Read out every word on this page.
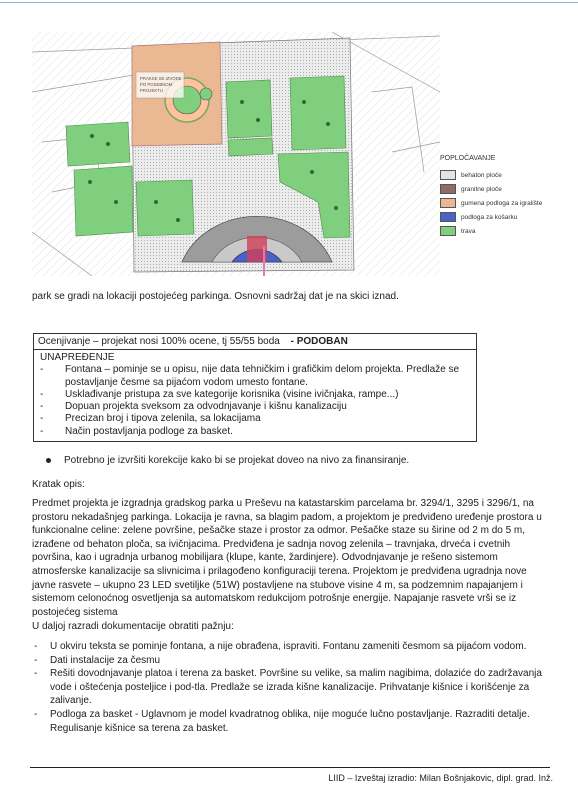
PRAKSE SE IZVODE
PO POSEBNOM
PROJEKTU
POPLOČAVANJE
behaton ploče
granitne ploče
gumena podloga za igralište
podloga za košarku
trava
park se gradi na lokaciji postojećeg parkinga. Osnovni sadržaj dat je na skici iznad.
Ocenjivanje – projekat nosi 100% ocene, tj 55/55 boda - PODOBAN
UNAPREĐENJE
- Fontana – pominje se u opisu, nije data tehničkim i grafičkim delom projekta. Predlaže se postavljanje česme sa pijaćom vodom umesto fontane.
- Usklađivanje pristupa za sve kategorije korisnika (visine ivičnjaka, rampe...)
- Dopuan projekta sveksom za odvodnjavanje i kišnu kanalizaciju
- Precizan broj i tipova zelenila, sa lokacijama
- Način postavljanja podloge za basket.
Potrebno je izvršiti korekcije kako bi se projekat doveo na nivo za finansiranje.
Kratak opis:
Predmet projekta je izgradnja gradskog parka u Preševu na katastarskim parcelama br. 3294/1, 3295 i 3296/1, na prostoru nekadašnjeg parkinga. Lokacija je ravna, sa blagim padom, a projektom je predviđeno uređenje prostora u funkcionalne celine: zelene površine, pešačke staze i prostor za odmor. Pešačke staze su širine od 2 m do 5 m, izrađene od behaton ploča, sa ivičnjacima. Predviđena je sadnja novog zelenila – travnjaka, drveća i cvetnih površina, kao i ugradnja urbanog mobilijara (klupe, kante, žardinjere). Odvodnjavanje je rešeno sistemom atmosferske kanalizacije sa slivnicima i prilagođeno konfiguraciji terena. Projektom je predviđena ugradnja nove javne rasvete – ukupno 23 LED svetiljke (51W) postavljene na stubove visine 4 m, sa podzemnim napajanjem i sistemom celonoćnog osvetljenja sa automatskom redukcijom potrošnje energije. Napajanje rasvete vrši se iz postojećeg sistema
U daljoj razradi dokumentacije obratiti pažnju:
- U okviru teksta se pominje fontana, a nije obrađena, ispraviti. Fontanu zameniti česmom sa pijaćom vodom.
- Dati instalacije za česmu
- Rešiti dovodnjavanje platoa i terena za basket. Površine su velike, sa malim nagibima, dolaziće do zadržavanja vode i oštećenja posteljice i pod-tla. Predlaže se izrada kišne kanalizacije. Prihvatanje kišnice i korišćenje za zalivanje.
- Podloga za basket - Uglavnom je model kvadratnog oblika, nije moguće lučno postavljanje. Razraditi detalje. Regulisanje kišnice sa terena za basket.
LIID – Izveštaj izradio: Milan Bošnjakovic, dipl. grad. Inž.
